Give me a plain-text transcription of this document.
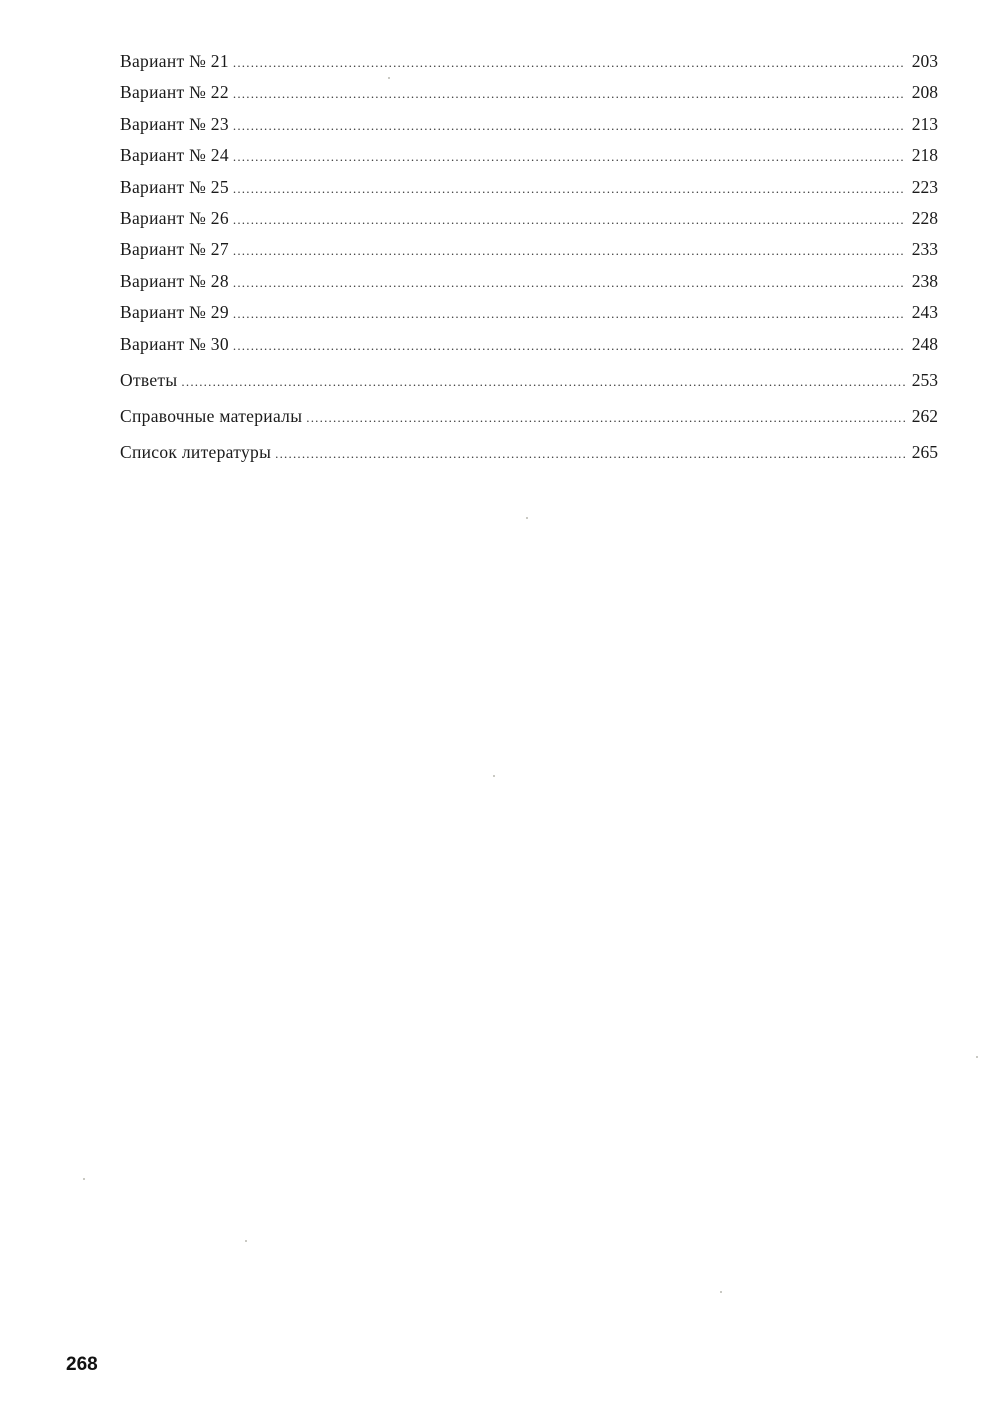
Вариант № 21 .....	203
Вариант № 22 .....	208
Вариант № 23 .....	213
Вариант № 24 .....	218
Вариант № 25 .....	223
Вариант № 26 .....	228
Вариант № 27 .....	233
Вариант № 28 .....	238
Вариант № 29 .....	243
Вариант № 30 .....	248
Ответы .....	253
Справочные материалы .....	262
Список литературы .....	265
268
